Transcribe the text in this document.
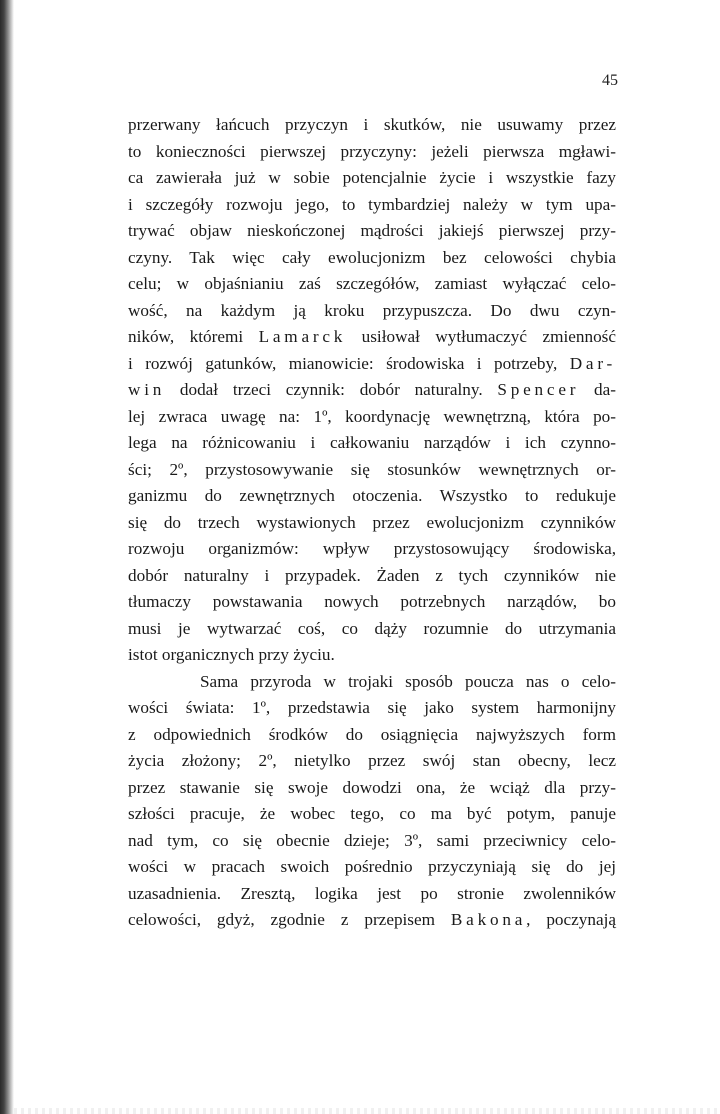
45
przerwany łańcuch przyczyn i skutków, nie usuwamy przez
to konieczności pierwszej przyczyny: jeżeli pierwsza mgławi-
ca zawierała już w sobie potencjalnie życie i wszystkie fazy
i szczegóły rozwoju jego, to tymbardziej należy w tym upa-
trywać objaw nieskończonej mądrości jakiejś pierwszej przy-
czyny. Tak więc cały ewolucjonizm bez celowości chybia
celu; w objaśnianiu zaś szczegółów, zamiast wyłączać celo-
wość, na każdym ją kroku przypuszcza. Do dwu czyn-
ników, któremi Lamarck usiłował wytłumaczyć zmienność
i rozwój gatunków, mianowicie: środowiska i potrzeby, Dar-
win dodał trzeci czynnik: dobór naturalny. Spencer da-
lej zwraca uwagę na: 1º, koordynację wewnętrzną, która po-
lega na różnicowaniu i całkowaniu narządów i ich czynno-
ści; 2º, przystosowywanie się stosunków wewnętrznych or-
ganizmu do zewnętrznych otoczenia. Wszystko to redukuje
się do trzech wystawionych przez ewolucjonizm czynników
rozwoju organizmów: wpływ przystosowujący środowiska,
dobór naturalny i przypadek. Żaden z tych czynników nie
tłumaczy powstawania nowych potrzebnych narządów, bo
musi je wytwarzać coś, co dąży rozumnie do utrzymania
istot organicznych przy życiu.
Sama przyroda w trojaki sposób poucza nas o celo-
wości świata: 1º, przedstawia się jako system harmonijny
z odpowiednich środków do osiągnięcia najwyższych form
życia złożony; 2º, nietylko przez swój stan obecny, lecz
przez stawanie się swoje dowodzi ona, że wciąż dla przy-
szłości pracuje, że wobec tego, co ma być potym, panuje
nad tym, co się obecnie dzieje; 3º, sami przeciwnicy celo-
wości w pracach swoich pośrednio przyczyniają się do jej
uzasadnienia. Zresztą, logika jest po stronie zwolenników
celowości, gdyż, zgodnie z przepisem Bakona, poczynają
